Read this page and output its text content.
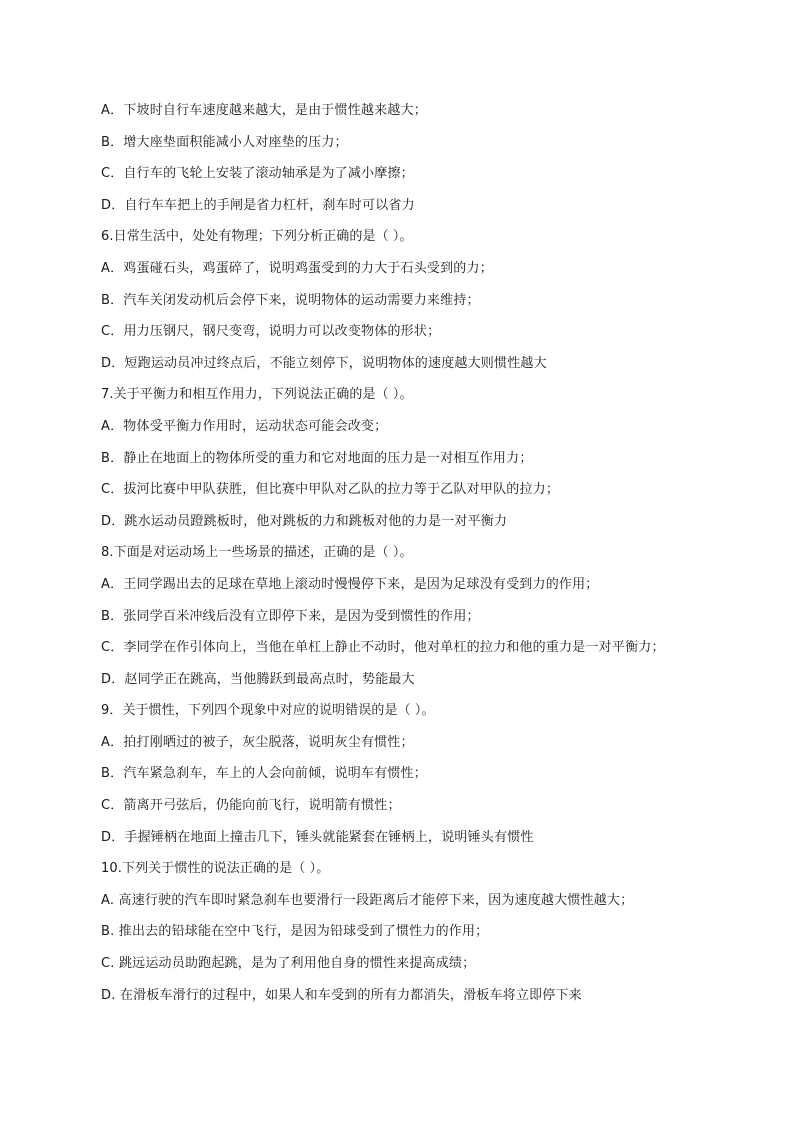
A．下坡时自行车速度越来越大，是由于惯性越来越大；
B．增大座垫面积能减小人对座垫的压力；
C．自行车的飞轮上安装了滚动轴承是为了减小摩擦；
D．自行车车把上的手闸是省力杠杆，刹车时可以省力
6.日常生活中，处处有物理；下列分析正确的是（ ）。
A．鸡蛋碰石头，鸡蛋碎了，说明鸡蛋受到的力大于石头受到的力；
B．汽车关闭发动机后会停下来，说明物体的运动需要力来维持；
C．用力压钢尺，钢尺变弯，说明力可以改变物体的形状；
D．短跑运动员冲过终点后，不能立刻停下，说明物体的速度越大则惯性越大
7.关于平衡力和相互作用力，下列说法正确的是（ ）。
A．物体受平衡力作用时，运动状态可能会改变；
B．静止在地面上的物体所受的重力和它对地面的压力是一对相互作用力；
C．拔河比赛中甲队获胜，但比赛中甲队对乙队的拉力等于乙队对甲队的拉力；
D．跳水运动员蹬跳板时，他对跳板的力和跳板对他的力是一对平衡力
8.下面是对运动场上一些场景的描述，正确的是（ ）。
A．王同学踢出去的足球在草地上滚动时慢慢停下来，是因为足球没有受到力的作用；
B．张同学百米冲线后没有立即停下来，是因为受到惯性的作用；
C．李同学在作引体向上，当他在单杠上静止不动时，他对单杠的拉力和他的重力是一对平衡力；
D．赵同学正在跳高，当他腾跃到最高点时，势能最大
9．关于惯性，下列四个现象中对应的说明错误的是（ ）。
A．拍打刚晒过的被子，灰尘脱落，说明灰尘有惯性；
B．汽车紧急刹车，车上的人会向前倾，说明车有惯性；
C．箭离开弓弦后，仍能向前飞行，说明箭有惯性；
D．手握锤柄在地面上撞击几下，锤头就能紧套在锤柄上，说明锤头有惯性
10.下列关于惯性的说法正确的是（ ）。
A. 高速行驶的汽车即时紧急刹车也要滑行一段距离后才能停下来，因为速度越大惯性越大；
B. 推出去的铅球能在空中飞行，是因为铅球受到了惯性力的作用；
C. 跳远运动员助跑起跳，是为了利用他自身的惯性来提高成绩；
D. 在滑板车滑行的过程中，如果人和车受到的所有力都消失，滑板车将立即停下来
